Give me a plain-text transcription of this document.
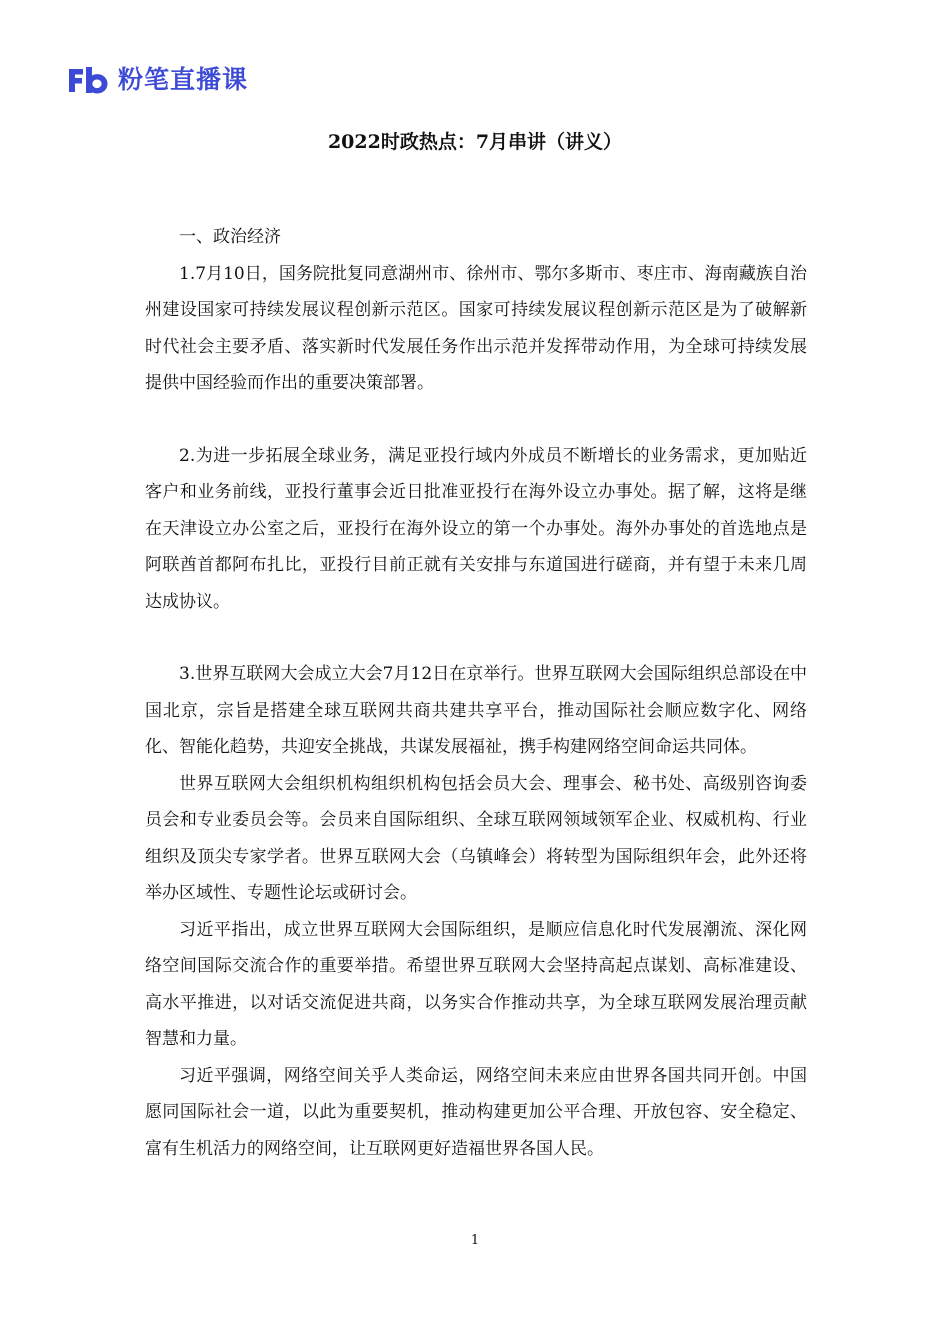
粉笔直播课
2022时政热点：7月串讲（讲义）

一、政治经济

1.7月10日，国务院批复同意湖州市、徐州市、鄂尔多斯市、枣庄市、海南藏族自治州建设国家可持续发展议程创新示范区。国家可持续发展议程创新示范区是为了破解新时代社会主要矛盾、落实新时代发展任务作出示范并发挥带动作用，为全球可持续发展提供中国经验而作出的重要决策部署。

2.为进一步拓展全球业务，满足亚投行域内外成员不断增长的业务需求，更加贴近客户和业务前线，亚投行董事会近日批准亚投行在海外设立办事处。据了解，这将是继在天津设立办公室之后，亚投行在海外设立的第一个办事处。海外办事处的首选地点是阿联酋首都阿布扎比，亚投行目前正就有关安排与东道国进行磋商，并有望于未来几周达成协议。

3.世界互联网大会成立大会7月12日在京举行。世界互联网大会国际组织总部设在中国北京，宗旨是搭建全球互联网共商共建共享平台，推动国际社会顺应数字化、网络化、智能化趋势，共迎安全挑战，共谋发展福祉，携手构建网络空间命运共同体。

世界互联网大会组织机构组织机构包括会员大会、理事会、秘书处、高级别咨询委员会和专业委员会等。会员来自国际组织、全球互联网领域领军企业、权威机构、行业组织及顶尖专家学者。世界互联网大会（乌镇峰会）将转型为国际组织年会，此外还将举办区域性、专题性论坛或研讨会。

习近平指出，成立世界互联网大会国际组织，是顺应信息化时代发展潮流、深化网络空间国际交流合作的重要举措。希望世界互联网大会坚持高起点谋划、高标准建设、高水平推进，以对话交流促进共商，以务实合作推动共享，为全球互联网发展治理贡献智慧和力量。

习近平强调，网络空间关乎人类命运，网络空间未来应由世界各国共同开创。中国愿同国际社会一道，以此为重要契机，推动构建更加公平合理、开放包容、安全稳定、富有生机活力的网络空间，让互联网更好造福世界各国人民。

1
